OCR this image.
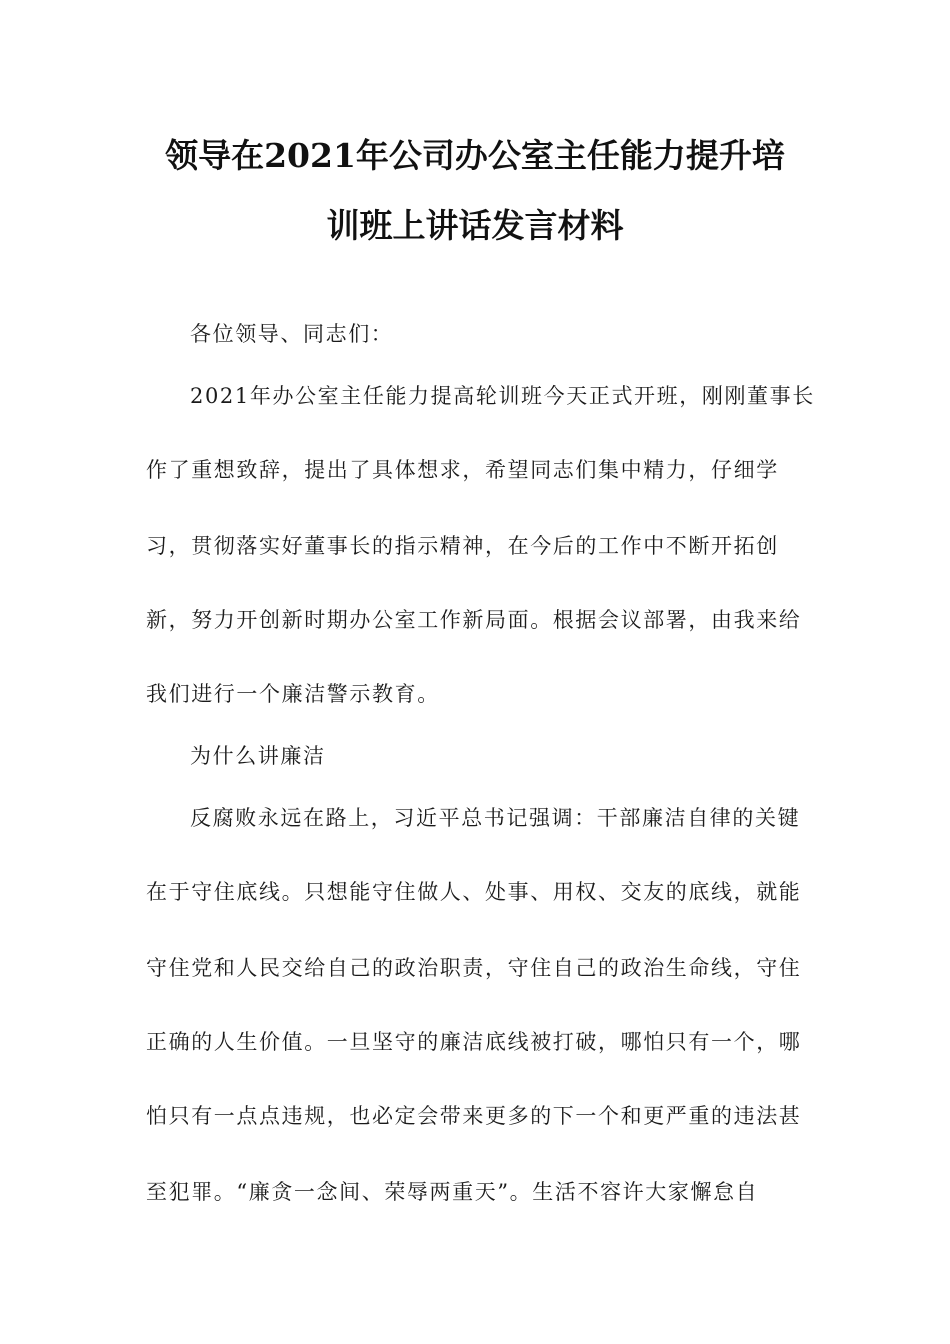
领导在2021年公司办公室主任能力提升培
训班上讲话发言材料
各位领导、同志们：
2021年办公室主任能力提高轮训班今天正式开班，刚刚董事长
作了重想致辞，提出了具体想求，希望同志们集中精力，仔细学
习，贯彻落实好董事长的指示精神，在今后的工作中不断开拓创
新，努力开创新时期办公室工作新局面。根据会议部署，由我来给
我们进行一个廉洁警示教育。
为什么讲廉洁
反腐败永远在路上，习近平总书记强调：干部廉洁自律的关键
在于守住底线。只想能守住做人、处事、用权、交友的底线，就能
守住党和人民交给自己的政治职责，守住自己的政治生命线，守住
正确的人生价值。一旦坚守的廉洁底线被打破，哪怕只有一个，哪
怕只有一点点违规，也必定会带来更多的下一个和更严重的违法甚
至犯罪。“廉贪一念间、荣辱两重天”。生活不容许大家懈怠自
